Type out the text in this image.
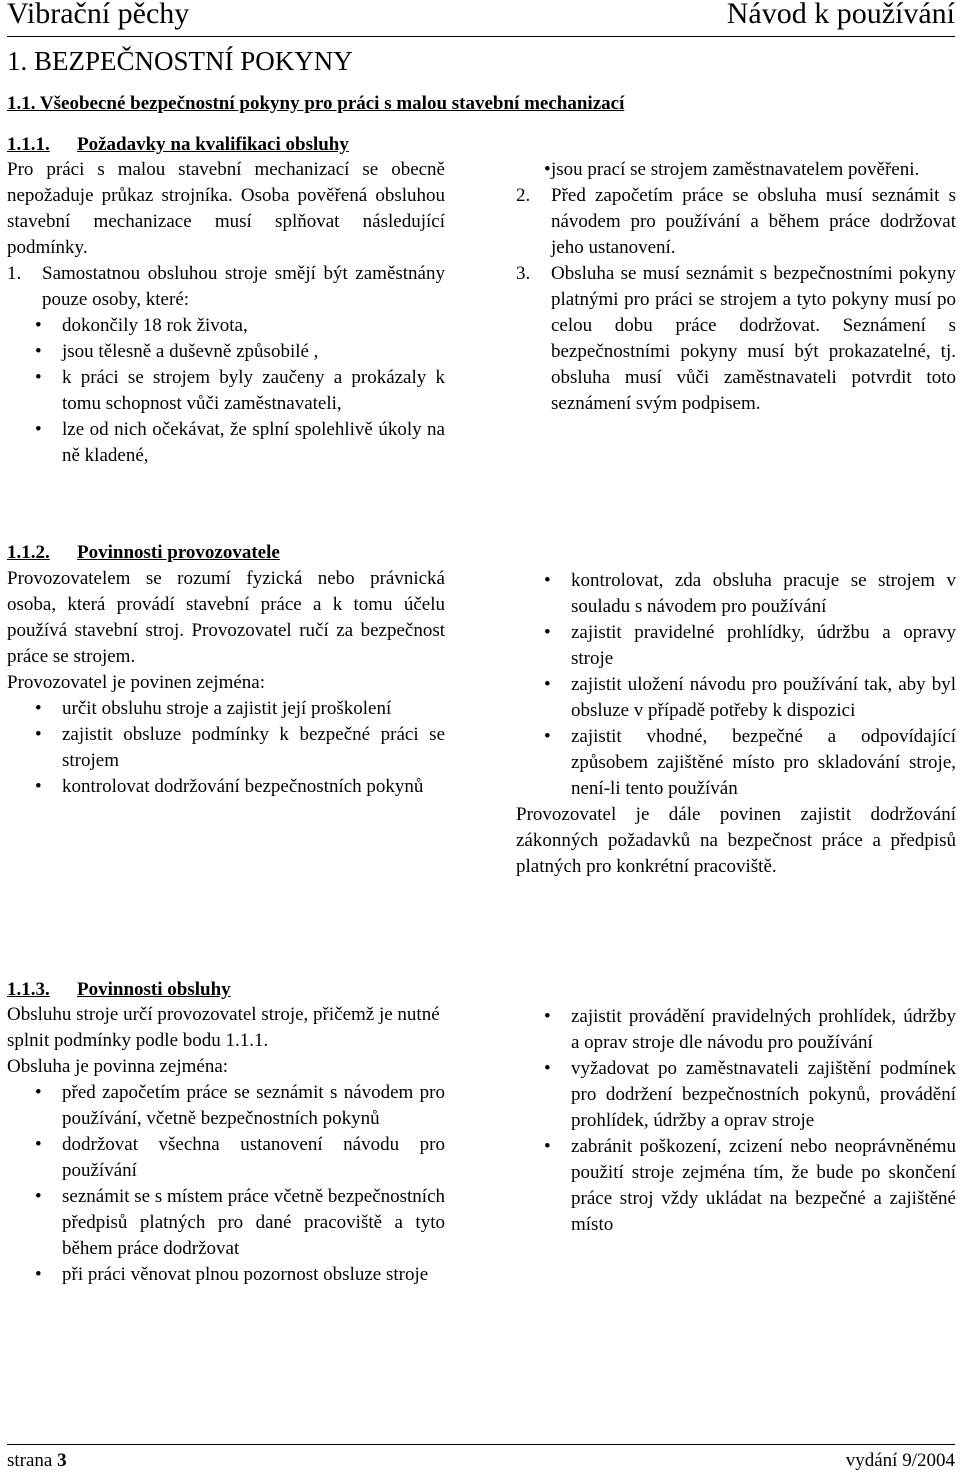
Vibrační pěchy	Návod k používání
1. BEZPEČNOSTNÍ POKYNY
1.1. Všeobecné bezpečnostní pokyny pro práci s malou stavební mechanizací
1.1.1. Požadavky na kvalifikaci obsluhy

Pro práci s malou stavební mechanizací se obecně nepožaduje průkaz strojníka. Osoba pověřená obsluhou stavební mechanizace musí splňovat následující podmínky.

1. Samostatnou obsluhou stroje smějí být zaměstnány pouze osoby, které:
• dokončily 18 rok života,
• jsou tělesně a duševně způsobilé ,
• k práci se strojem byly zaučeny a prokázaly k tomu schopnost vůči zaměstnavateli,
• lze od nich očekávat, že splní spolehlivě úkoly na ně kladené,
• jsou prací se strojem zaměstnavatelem pověřeni.
2. Před započetím práce se obsluha musí seznámit s návodem pro používání a během práce dodržovat jeho ustanovení.
3. Obsluha se musí seznámit s bezpečnostními pokyny platnými pro práci se strojem a tyto pokyny musí po celou dobu práce dodržovat. Seznámení s bezpečnostními pokyny musí být prokazatelné, tj. obsluha musí vůči zaměstnavateli potvrdit toto seznámení svým podpisem.
1.1.2. Povinnosti provozovatele

Provozovatelem se rozumí fyzická nebo právnická osoba, která provádí stavební práce a k tomu účelu používá stavební stroj. Provozovatel ručí za bezpečnost práce se strojem.

Provozovatel je povinen zejména:

• určit obsluhu stroje a zajistit její proškolení
• zajistit obsluze podmínky k bezpečné práci se strojem
• kontrolovat dodržování bezpečnostních pokynů
• kontrolovat, zda obsluha pracuje se strojem v souladu s návodem pro používání
• zajistit pravidelné prohlídky, údržbu a opravy stroje
• zajistit uložení návodu pro používání tak, aby byl obsluze v případě potřeby k dispozici
• zajistit vhodné, bezpečné a odpovídající způsobem zajištěné místo pro skladování stroje, není-li tento používán

Provozovatel je dále povinen zajistit dodržování zákonných požadavků na bezpečnost práce a předpisů platných pro konkrétní pracoviště.

1.1.3. Povinnosti obsluhy

Obsluhu stroje určí provozovatel stroje, přičemž je nutné splnit podmínky podle bodu 1.1.1.

Obsluha je povinna zejména:

• před započetím práce se seznámit s návodem pro používání, včetně bezpečnostních pokynů
• dodržovat všechna ustanovení návodu pro používání
• seznámit se s místem práce včetně bezpečnostních předpisů platných pro dané pracoviště a tyto během práce dodržovat
• při práci věnovat plnou pozornost obsluze stroje
• zajistit provádění pravidelných prohlídek, údržby a oprav stroje dle návodu pro používání
• vyžadovat po zaměstnavateli zajištění podmínek pro dodržení bezpečnostních pokynů, provádění prohlídek, údržby a oprav stroje
• zabránit poškození, zcizení nebo neoprávněnému použití stroje zejména tím, že bude po skončení práce stroj vždy ukládat na bezpečné a zajištěné místo
strana 3	vydání 9/2004
